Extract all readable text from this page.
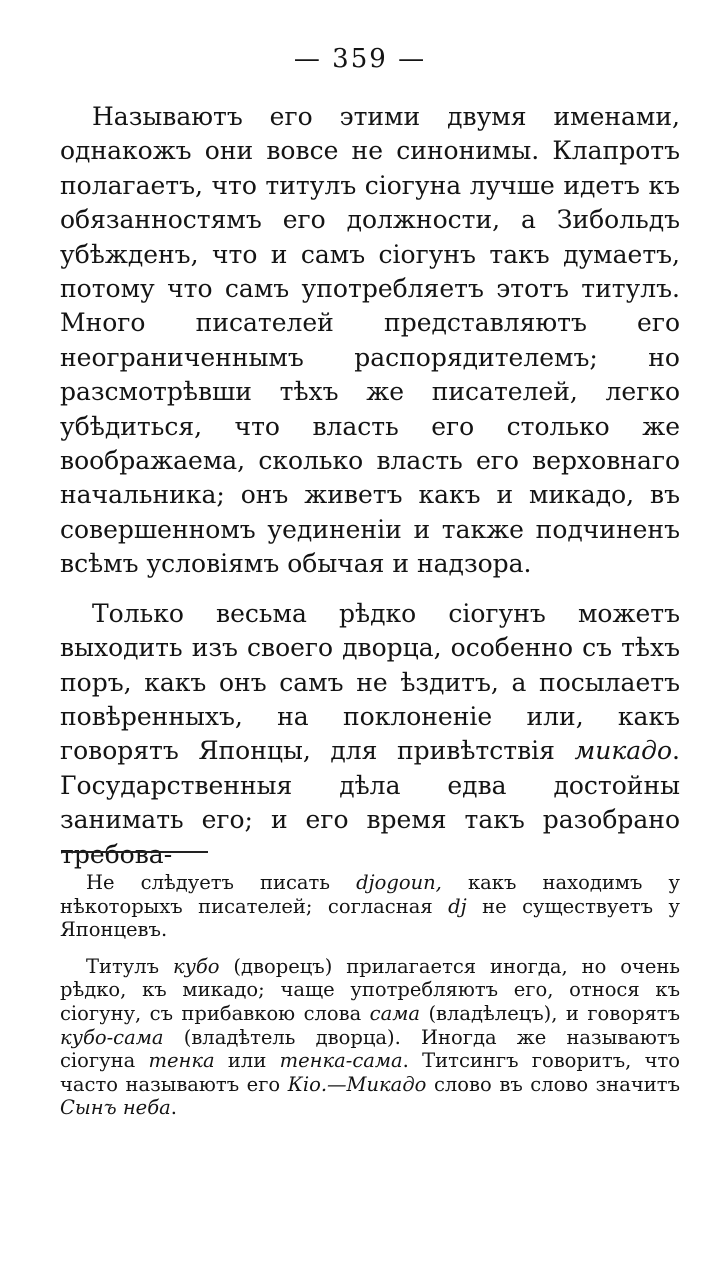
— 359 —

Называютъ его этими двумя именами, однакожъ они вовсе не синонимы. Клапротъ полагаетъ, что титулъ сіогуна лучше идетъ къ обязанностямъ его должности, а Зибольдъ убѣжденъ, что и самъ сіогунъ такъ думаетъ, потому что самъ употребляетъ этотъ титулъ. Много писателей представляютъ его неограниченнымъ распорядителемъ; но разсмотрѣвши тѣхъ же писателей, легко убѣдиться, что власть его столько же воображаема, сколько власть его верховнаго начальника; онъ живетъ какъ и микадо, въ совершенномъ уединеніи и также подчиненъ всѣмъ условіямъ обычая и надзора.

Только весьма рѣдко сіогунъ можетъ выходить изъ своего дворца, особенно съ тѣхъ поръ, какъ онъ самъ не ѣздитъ, а посылаетъ повѣренныхъ, на поклоненіе или, какъ говорятъ Японцы, для привѣтствія микадо. Государственныя дѣла едва достойны занимать его; и его время такъ разобрано требова-

Не слѣдуетъ писать djogoun, какъ находимъ у нѣкоторыхъ писателей; согласная dj не существуетъ у Японцевъ.

Титулъ кубо (дворецъ) прилагается иногда, но очень рѣдко, къ микадо; чаще употребляютъ его, относя къ сіогуну, съ прибавкою слова сама (владѣлецъ), и говорятъ кубо-сама (владѣтель дворца). Иногда же называютъ сіогуна тенка или тенка-сама. Титсингъ говоритъ, что часто называютъ его Кіо.—Микадо слово въ слово значитъ Сынъ неба.
